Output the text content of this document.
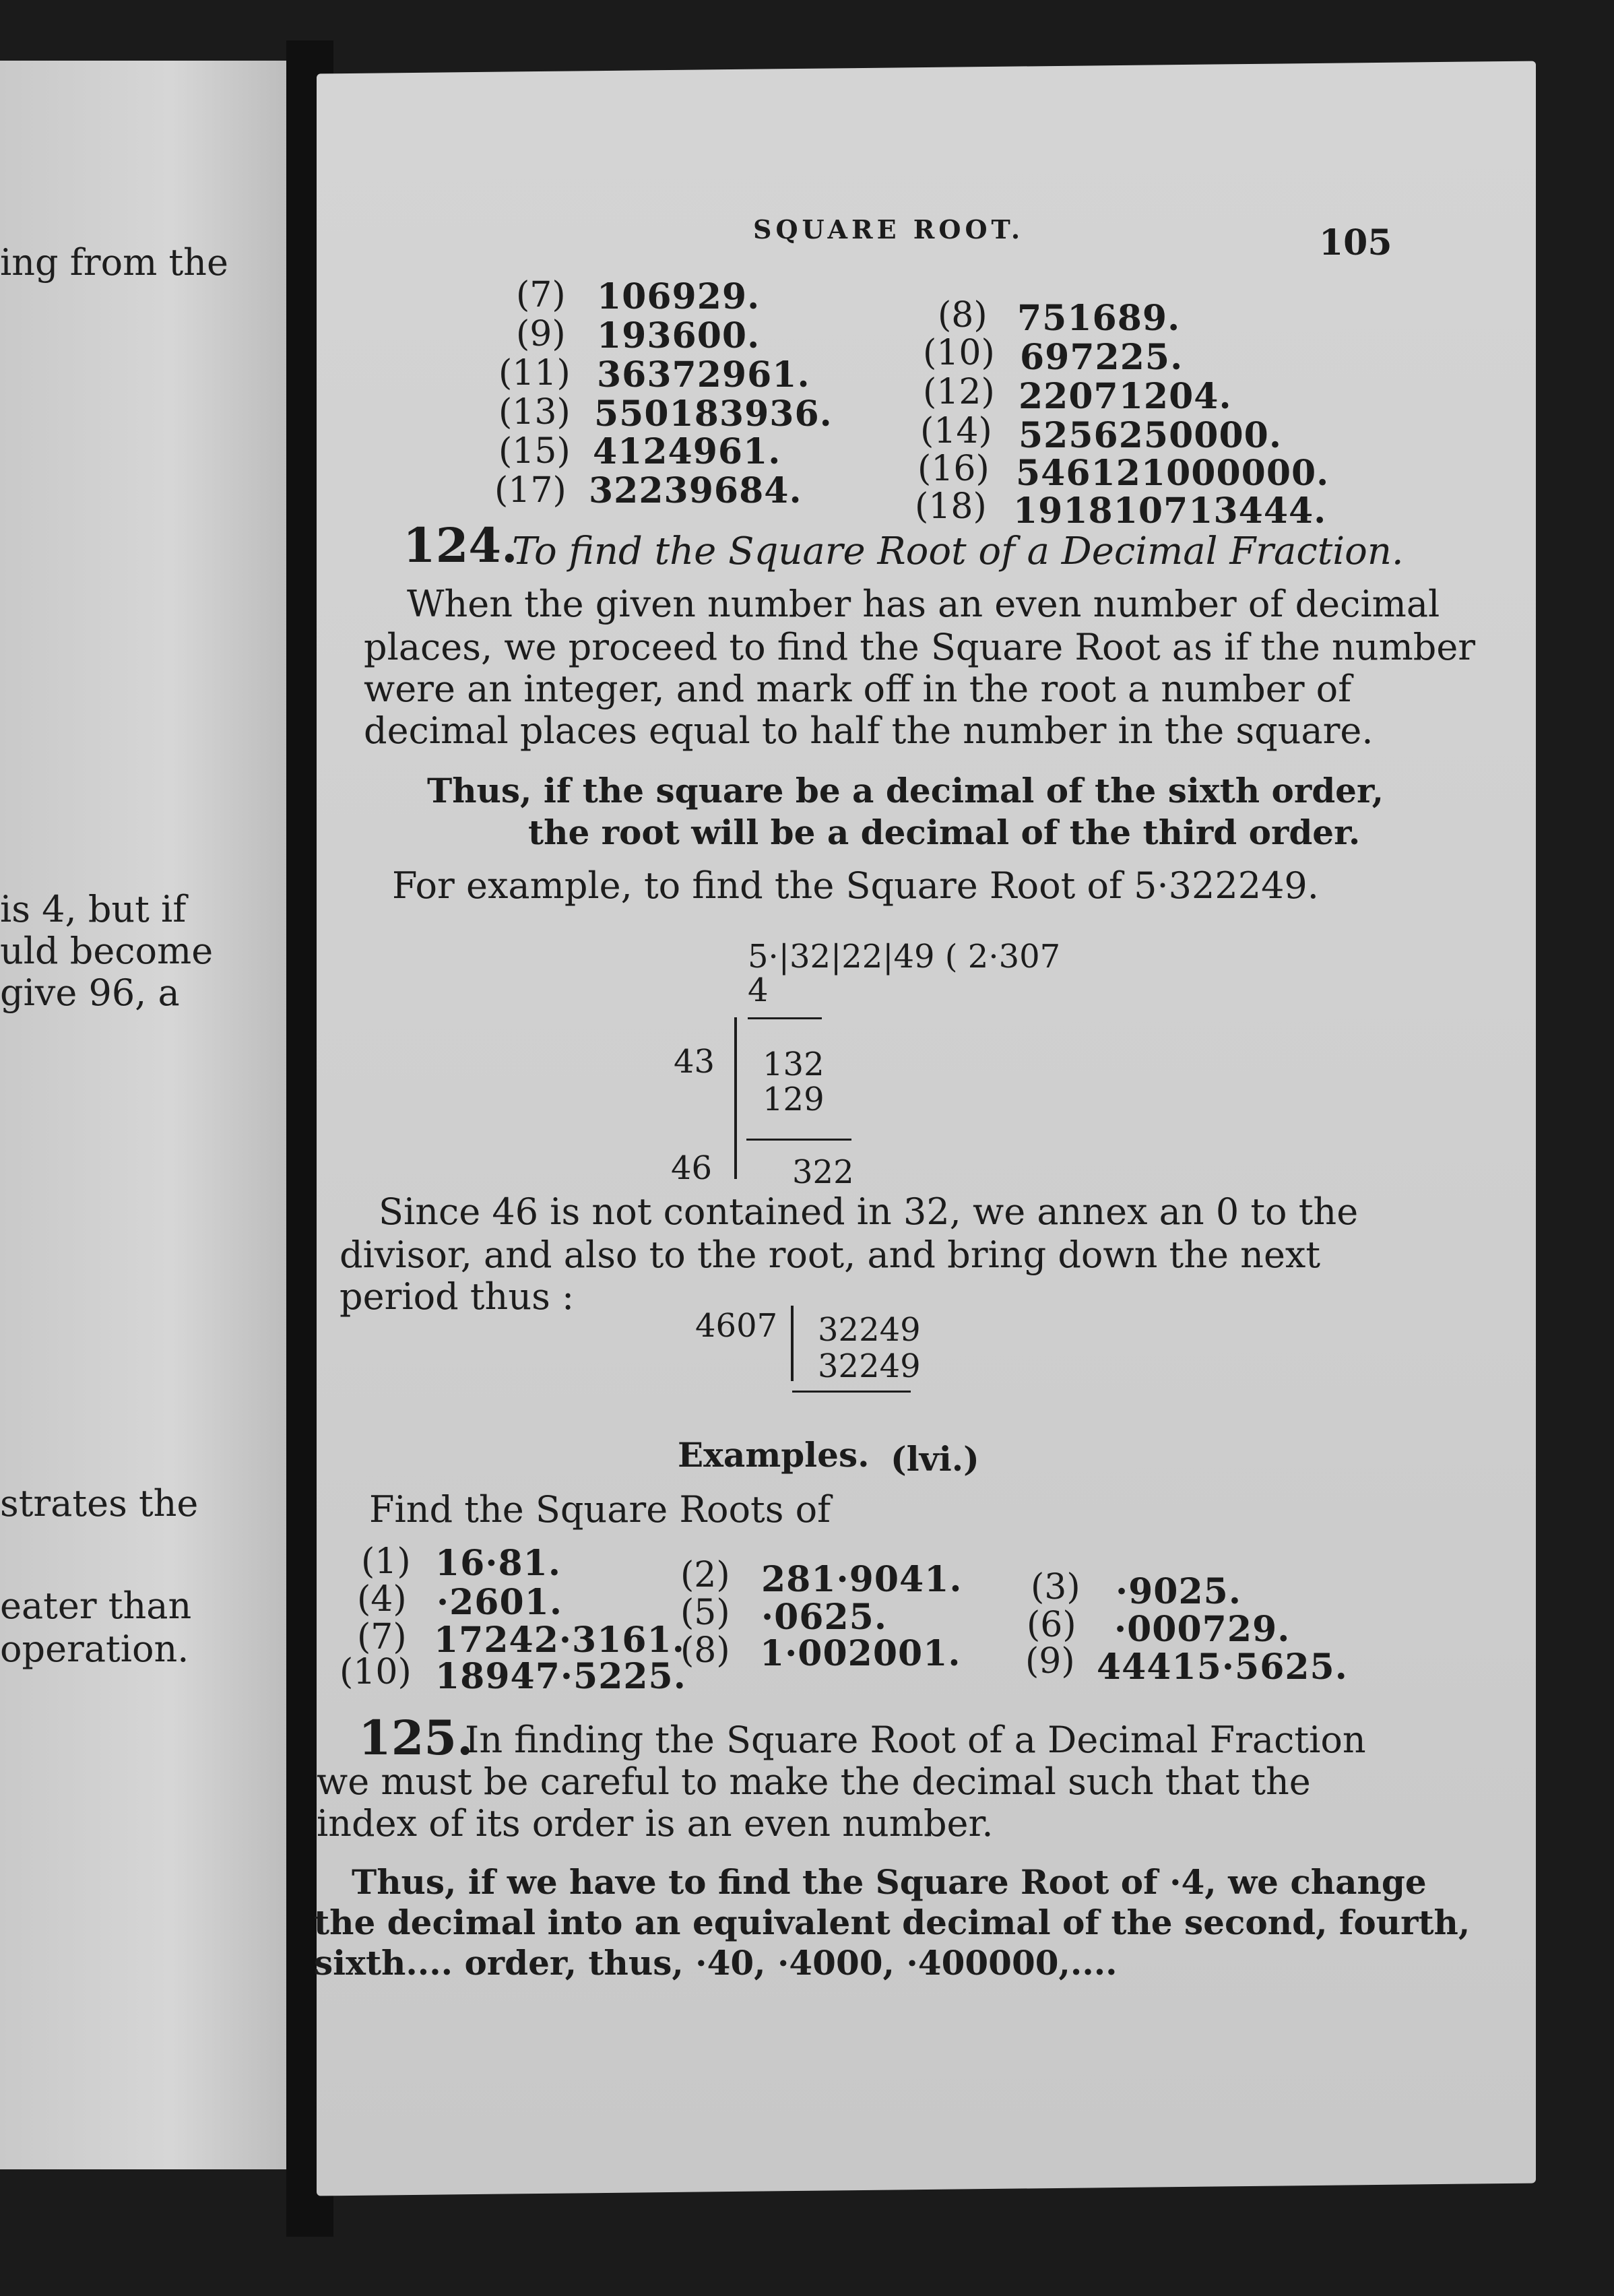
ing from the
is 4, but if
uld become
give 96, a
strates the
eater than
operation.
SQUARE ROOT.	105
(7) 106929.
(9) 193600.
(11) 36372961.
(13) 550183936.
(15) 4124961.
(17) 32239684.
(8) 751689.
(10) 697225.
(12) 22071204.
(14) 5256250000.
(16) 546121000000.
(18) 191810713444.
124.
To find the Square Root of a Decimal Fraction.
When the given number has an even number of decimal
places, we proceed to find the Square Root as if the number
were an integer, and mark off in the root a number of
decimal places equal to half the number in the square.
Thus, if the square be a decimal of the sixth order,
the root will be a decimal of the third order.
For example, to find the Square Root of 5·322249.
5·|32|22|49 ( 2·307
4
43 132
129
46 322
Since 46 is not contained in 32, we annex an 0 to the
divisor, and also to the root, and bring down the next
period thus :
4607 32249
32249
Examples. (lvi.)
Find the Square Roots of
(1) 16·81.
(4) ·2601.
(7) 17242·3161.
(10) 18947·5225.
(2) 281·9041.
(5) ·0625.
(8) 1·002001.
(3) ·9025.
(6) ·000729.
(9) 44415·5625.
125.
In finding the Square Root of a Decimal Fraction
we must be careful to make the decimal such that the
index of its order is an even number.
Thus, if we have to find the Square Root of ·4, we change
the decimal into an equivalent decimal of the second, fourth,
sixth.... order, thus, ·40, ·4000, ·400000,....
